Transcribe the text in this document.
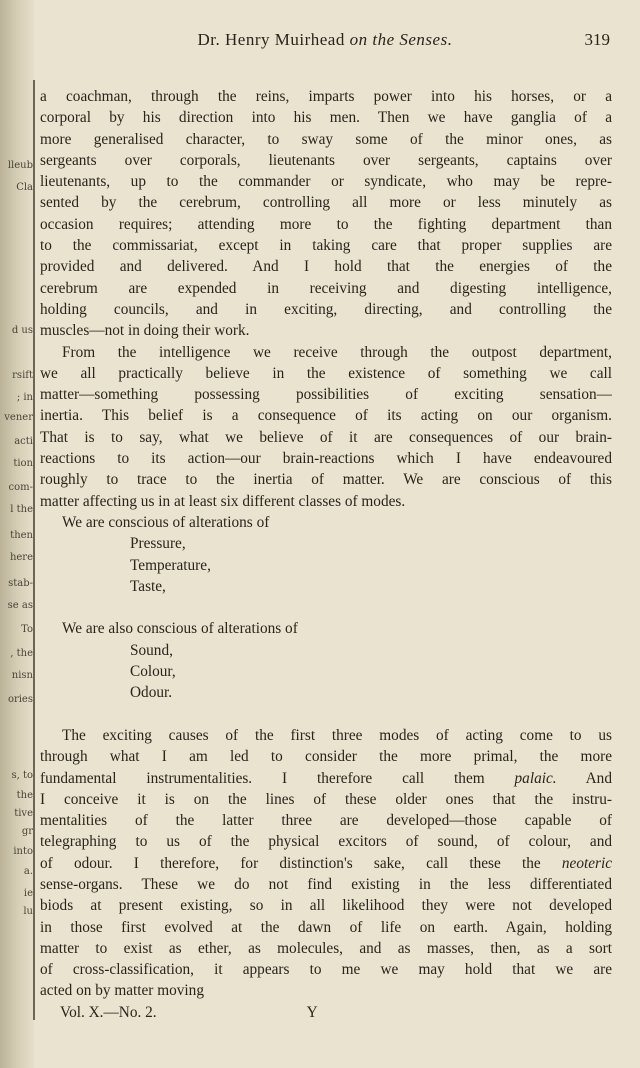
lleub
Cla
d us
rsift
; in
vener
acti
tion
com-
l the
then
here
stab-
se as
To
, the
nisn
ories
s, to
the
tive
gr
into
a.
ie
lu
Dr. Henry Muirhead on the Senses.	319
a coachman, through the reins, imparts power into his horses, or a
corporal by his direction into his men. Then we have ganglia of a
more generalised character, to sway some of the minor ones, as
sergeants over corporals, lieutenants over sergeants, captains over
lieutenants, up to the commander or syndicate, who may be repre-
sented by the cerebrum, controlling all more or less minutely as
occasion requires; attending more to the fighting department than
to the commissariat, except in taking care that proper supplies are
provided and delivered. And I hold that the energies of the
cerebrum are expended in receiving and digesting intelligence,
holding councils, and in exciting, directing, and controlling the
muscles—not in doing their work.
From the intelligence we receive through the outpost department,
we all practically believe in the existence of something we call
matter—something possessing possibilities of exciting sensation—
inertia. This belief is a consequence of its acting on our organism.
That is to say, what we believe of it are consequences of our brain-
reactions to its action—our brain-reactions which I have endeavoured
roughly to trace to the inertia of matter. We are conscious of this
matter affecting us in at least six different classes of modes.
We are conscious of alterations of
Pressure,
Temperature,
Taste,
We are also conscious of alterations of
Sound,
Colour,
Odour.
The exciting causes of the first three modes of acting come to us
through what I am led to consider the more primal, the more
fundamental instrumentalities. I therefore call them palaic. And
I conceive it is on the lines of these older ones that the instru-
mentalities of the latter three are developed—those capable of
telegraphing to us of the physical excitors of sound, of colour, and
of odour. I therefore, for distinction's sake, call these the neoteric
sense-organs. These we do not find existing in the less differentiated
biods at present existing, so in all likelihood they were not developed
in those first evolved at the dawn of life on earth. Again, holding
matter to exist as ether, as molecules, and as masses, then, as a sort
of cross-classification, it appears to me we may hold that we are
acted on by matter moving
Vol. X.—No. 2.	Y
